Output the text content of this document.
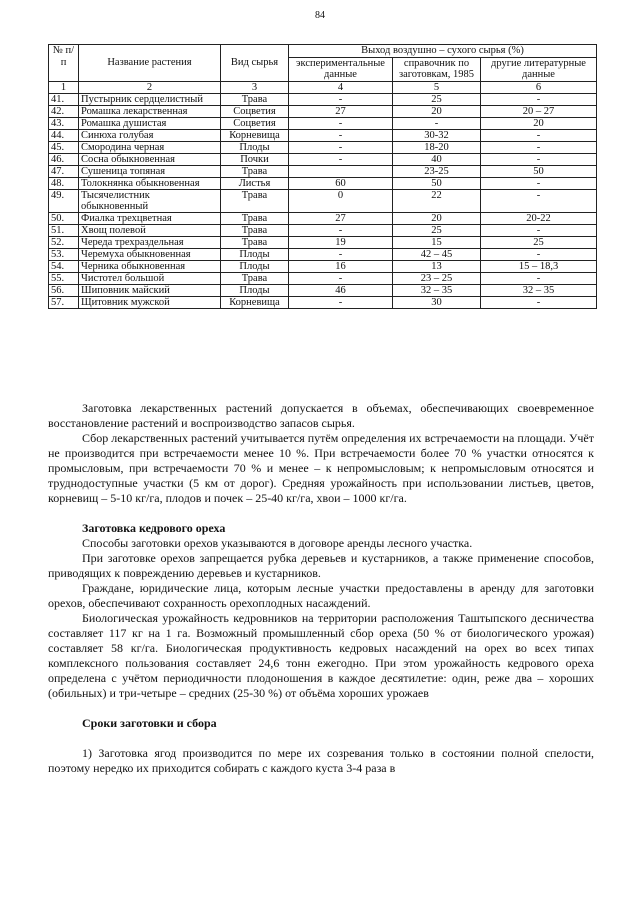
84
№ п/п	Название растения	Вид сырья	Выход воздушно – сухого сырья (%)		
			экспериментальные данные	справочник по заготовкам, 1985	другие литературные данные
1	2	3	4	5	6
41.	Пустырник сердцелистный	Трава	-	25	-
42.	Ромашка лекарственная	Соцветия	27	20	20 – 27
43.	Ромашка душистая	Соцветия	-	-	20
44.	Синюха голубая	Корневища	-	30-32	-
45.	Смородина черная	Плоды	-	18-20	-
46.	Сосна обыкновенная	Почки	-	40	-
47.	Сушеница топяная	Трава		23-25	50
48.	Толокнянка обыкновенная	Листья	60	50	-
49.	Тысячелистник обыкновенный	Трава	0	22	-
50.	Фиалка трехцветная	Трава	27	20	20-22
51.	Хвощ полевой	Трава	-	25	-
52.	Череда трехраздельная	Трава	19	15	25
53.	Черемуха обыкновенная	Плоды	-	42 – 45	-
54.	Черника обыкновенная	Плоды	16	13	15 – 18,3
55.	Чистотел большой	Трава	-	23 – 25	-
56.	Шиповник майский	Плоды	46	32 – 35	32 – 35
57.	Щитовник мужской	Корневища	-	30	-

Заготовка лекарственных растений допускается в объемах, обеспечивающих своевременное восстановление растений и воспроизводство запасов сырья.

Сбор лекарственных растений учитывается путём определения их встречаемости на площади. Учёт не производится при встречаемости менее 10 %. При встречаемости более 70 % участки относятся к промысловым, при встречаемости 70 % и менее – к непромысловым; к непромысловым относятся и труднодоступные участки (5 км от дорог). Средняя урожайность при использовании листьев, цветов, корневищ – 5-10 кг/га, плодов и почек – 25-40 кг/га, хвои – 1000 кг/га.

Заготовка кедрового ореха

Способы заготовки орехов указываются в договоре аренды лесного участка.

При заготовке орехов запрещается рубка деревьев и кустарников, а также применение способов, приводящих к повреждению деревьев и кустарников.

Граждане, юридические лица, которым лесные участки предоставлены в аренду для заготовки орехов, обеспечивают сохранность орехоплодных насаждений.

Биологическая урожайность кедровников на территории расположения Таштыпского десничества составляет 117 кг на 1 га. Возможный промышленный сбор ореха (50 % от биологического урожая) составляет 58 кг/га. Биологическая продуктивность кедровых насаждений на орех во всех типах комплексного пользования составляет 24,6 тонн ежегодно. При этом урожайность кедрового ореха определена с учётом периодичности плодоношения в каждое десятилетие: один, реже два – хороших (обильных) и три-четыре – средних (25-30 %) от объёма хороших урожаев

Сроки заготовки и сбора

1) Заготовка ягод производится по мере их созревания только в состоянии полной спелости, поэтому нередко их приходится собирать с каждого куста 3-4 раза в
